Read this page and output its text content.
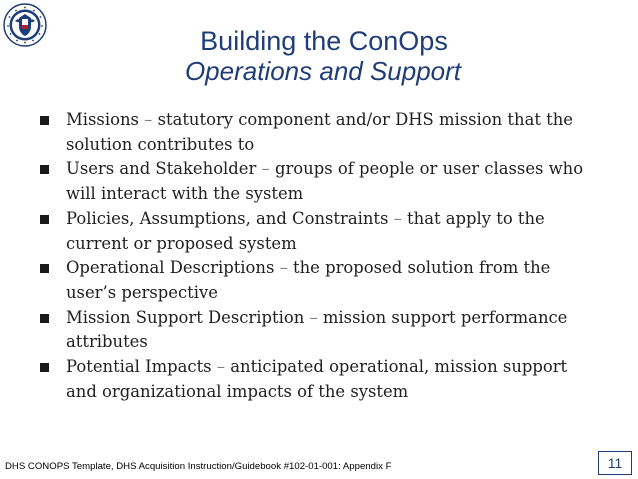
Building the ConOps
Operations and Support
Missions – statutory component and/or DHS mission that the solution contributes to
Users and Stakeholder – groups of people or user classes who will interact with the system
Policies, Assumptions, and Constraints – that apply to the current or proposed system
Operational Descriptions – the proposed solution from the user’s perspective
Mission Support Description – mission support performance attributes
Potential Impacts – anticipated operational, mission support and organizational impacts of the system
DHS CONOPS Template, DHS Acquisition Instruction/Guidebook #102-01-001: Appendix F	11
